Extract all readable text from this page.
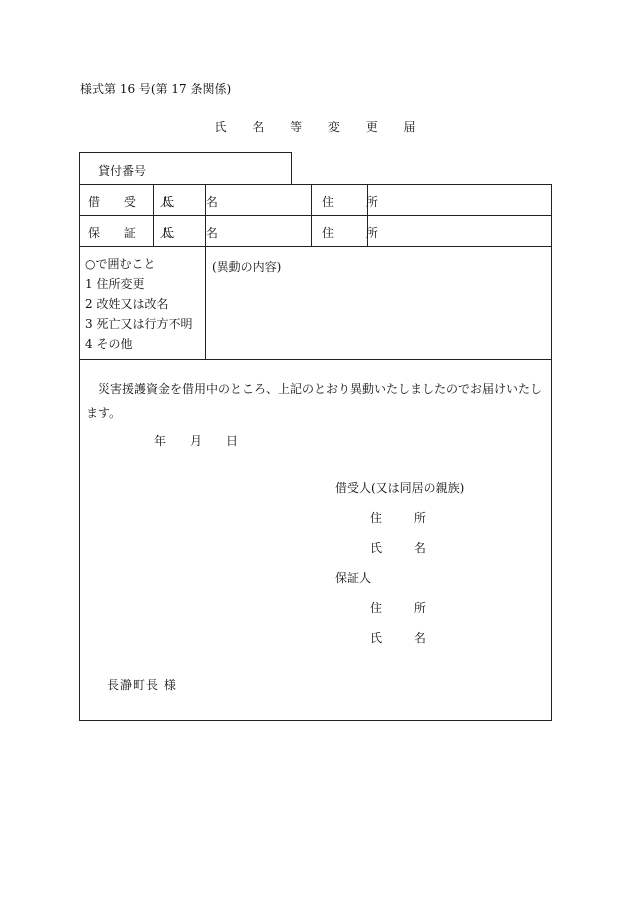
様式第 16 号(第 17 条関係)
氏 名 等 変 更 届
貸付番号
借 受 人
氏 名	住 所
保 証 人
氏 名	住 所
○で囲むこと
1 住所変更
2 改姓又は改名
3 死亡又は行方不明
4 その他
(異動の内容)
災害援護資金を借用中のところ、上記のとおり異動いたしましたのでお届けいたします。
年 月 日
借受人(又は同居の親族)
住 所
氏 名
保証人
住 所
氏 名
長瀞町長 様
